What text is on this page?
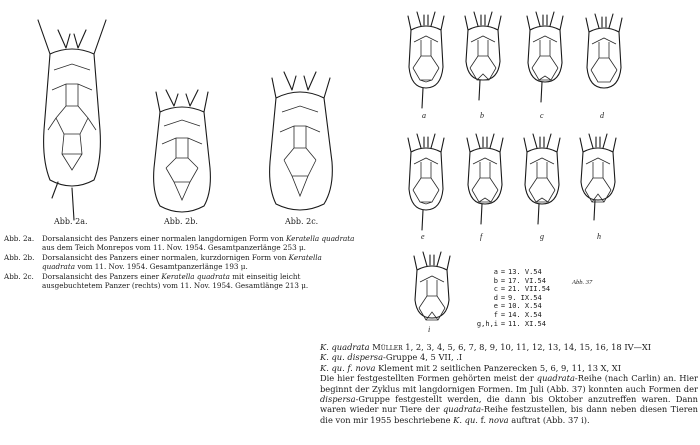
Abb. 2a.	Abb. 2b.	Abb. 2c.
Abb. 2a.	Dorsalansicht des Panzers einer normalen langdornigen Form von Keratella quadrata aus dem Teich Monrepos vom 11. Nov. 1954. Gesamtpanzerlänge 253 μ.
Abb. 2b.	Dorsalansicht des Panzers einer normalen, kurzdornigen Form von Keratella quadrata vom 11. Nov. 1954. Gesamtpanzerlänge 193 μ.
Abb. 2c.	Dorsalansicht des Panzers einer Keratella quadrata mit einseitig leicht ausgebuchtetem Panzer (rechts) vom 11. Nov. 1954. Gesamtlänge 213 μ.
a	b	c	d
e	f	g	h
i
a = 13. V.54
b = 17. VI.54
c = 21. VII.54
d = 9. IX.54
e = 10. X.54
f = 14. X.54
g,h,i = 11. XI.54
Abb. 37
K. quadrata Müller 1, 2, 3, 4, 5, 6, 7, 8, 9, 10, 11, 12, 13, 14, 15, 16, 18 IV—XI
K. qu. dispersa-Gruppe 4, 5 VII, .I
K. qu. f. nova Klement mit 2 seitlichen Panzerecken 5, 6, 9, 11, 13 X, XI
Die hier festgestellten Formen gehörten meist der quadrata-Reihe (nach Carlin) an. Hier beginnt der Zyklus mit langdornigen Formen. Im Juli (Abb. 37) konnten auch Formen der dispersa-Gruppe festgestellt werden, die dann bis Oktober anzutreffen waren. Dann waren wieder nur Tiere der quadrata-Reihe festzustellen, bis dann neben diesen Tieren die von mir 1955 beschriebene K. qu. f. nova auftrat (Abb. 37 i).
